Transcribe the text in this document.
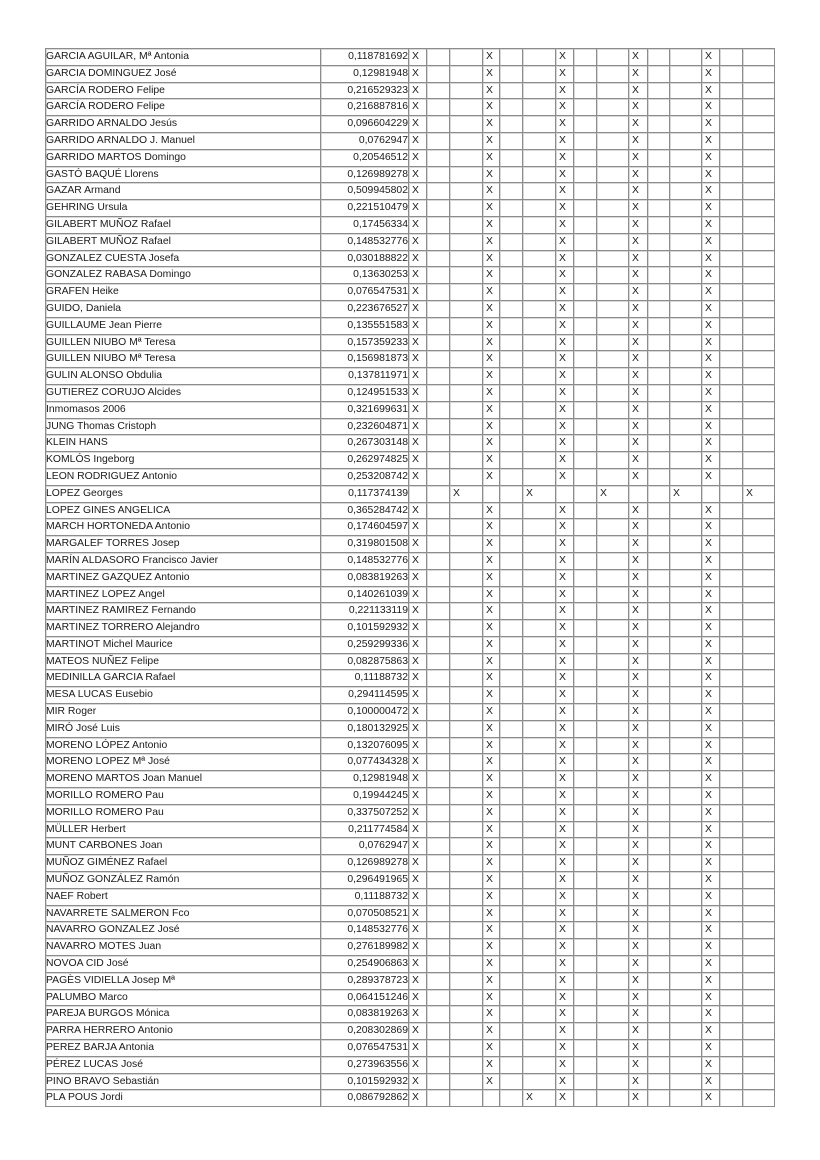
GARCIA AGUILAR, Mª Antonia	0,118781692	X			X			X			X			X		
GARCIA DOMINGUEZ José	0,12981948	X			X			X			X			X		
GARCÍA RODERO Felipe	0,216529323	X			X			X			X			X		
GARCÍA RODERO Felipe	0,216887816	X			X			X			X			X		
GARRIDO ARNALDO Jesús	0,096604229	X			X			X			X			X		
GARRIDO ARNALDO J. Manuel	0,0762947	X			X			X			X			X		
GARRIDO MARTOS Domingo	0,20546512	X			X			X			X			X		
GASTÓ BAQUÉ Llorens	0,126989278	X			X			X			X			X		
GAZAR Armand	0,509945802	X			X			X			X			X		
GEHRING Ursula	0,221510479	X			X			X			X			X		
GILABERT MUÑOZ Rafael	0,17456334	X			X			X			X			X		
GILABERT MUÑOZ Rafael	0,148532776	X			X			X			X			X		
GONZALEZ CUESTA Josefa	0,030188822	X			X			X			X			X		
GONZALEZ RABASA Domingo	0,13630253	X			X			X			X			X		
GRAFEN Heike	0,076547531	X			X			X			X			X		
GUIDO, Daniela	0,223676527	X			X			X			X			X		
GUILLAUME Jean Pierre	0,135551583	X			X			X			X			X		
GUILLEN NIUBO Mª Teresa	0,157359233	X			X			X			X			X		
GUILLEN NIUBO Mª Teresa	0,156981873	X			X			X			X			X		
GULIN ALONSO Obdulia	0,137811971	X			X			X			X			X		
GUTIEREZ CORUJO Alcides	0,124951533	X			X			X			X			X		
Inmomasos 2006	0,321699631	X			X			X			X			X		
JUNG Thomas Cristoph	0,232604871	X			X			X			X			X		
KLEIN HANS	0,267303148	X			X			X			X			X		
KOMLÓS Ingeborg	0,262974825	X			X			X			X			X		
LEON RODRIGUEZ Antonio	0,253208742	X			X			X			X			X		
LOPEZ Georges	0,117374139			X			X			X			X			X
LOPEZ GINES ANGELICA	0,365284742	X			X			X			X			X		
MARCH HORTONEDA Antonio	0,174604597	X			X			X			X			X		
MARGALEF TORRES Josep	0,319801508	X			X			X			X			X		
MARÍN ALDASORO Francisco Javier	0,148532776	X			X			X			X			X		
MARTINEZ GAZQUEZ Antonio	0,083819263	X			X			X			X			X		
MARTINEZ LOPEZ Angel	0,140261039	X			X			X			X			X		
MARTINEZ RAMIREZ Fernando	0,221133119	X			X			X			X			X		
MARTINEZ TORRERO Alejandro	0,101592932	X			X			X			X			X		
MARTINOT Michel Maurice	0,259299336	X			X			X			X			X		
MATEOS NUÑEZ Felipe	0,082875863	X			X			X			X			X		
MEDINILLA GARCIA Rafael	0,11188732	X			X			X			X			X		
MESA LUCAS Eusebio	0,294114595	X			X			X			X			X		
MIR Roger	0,100000472	X			X			X			X			X		
MIRÓ José Luis	0,180132925	X			X			X			X			X		
MORENO LÓPEZ Antonio	0,132076095	X			X			X			X			X		
MORENO LOPEZ Mª José	0,077434328	X			X			X			X			X		
MORENO MARTOS Joan Manuel	0,12981948	X			X			X			X			X		
MORILLO ROMERO Pau	0,19944245	X			X			X			X			X		
MORILLO ROMERO Pau	0,337507252	X			X			X			X			X		
MÜLLER Herbert	0,211774584	X			X			X			X			X		
MUNT CARBONES Joan	0,0762947	X			X			X			X			X		
MUÑOZ GIMÉNEZ Rafael	0,126989278	X			X			X			X			X		
MUÑOZ GONZÁLEZ Ramón	0,296491965	X			X			X			X			X		
NAEF Robert	0,11188732	X			X			X			X			X		
NAVARRETE SALMERON Fco	0,070508521	X			X			X			X			X		
NAVARRO GONZALEZ José	0,148532776	X			X			X			X			X		
NAVARRO MOTES Juan	0,276189982	X			X			X			X			X		
NOVOA CID José	0,254906863	X			X			X			X			X		
PAGÈS VIDIELLA Josep Mª	0,289378723	X			X			X			X			X		
PALUMBO Marco	0,064151246	X			X			X			X			X		
PAREJA BURGOS Mónica	0,083819263	X			X			X			X			X		
PARRA HERRERO Antonio	0,208302869	X			X			X			X			X		
PEREZ BARJA Antonia	0,076547531	X			X			X			X			X		
PÉREZ LUCAS José	0,273963556	X			X			X			X			X		
PINO BRAVO Sebastián	0,101592932	X			X			X			X			X		
PLA POUS Jordi	0,086792862	X					X	X			X			X		
